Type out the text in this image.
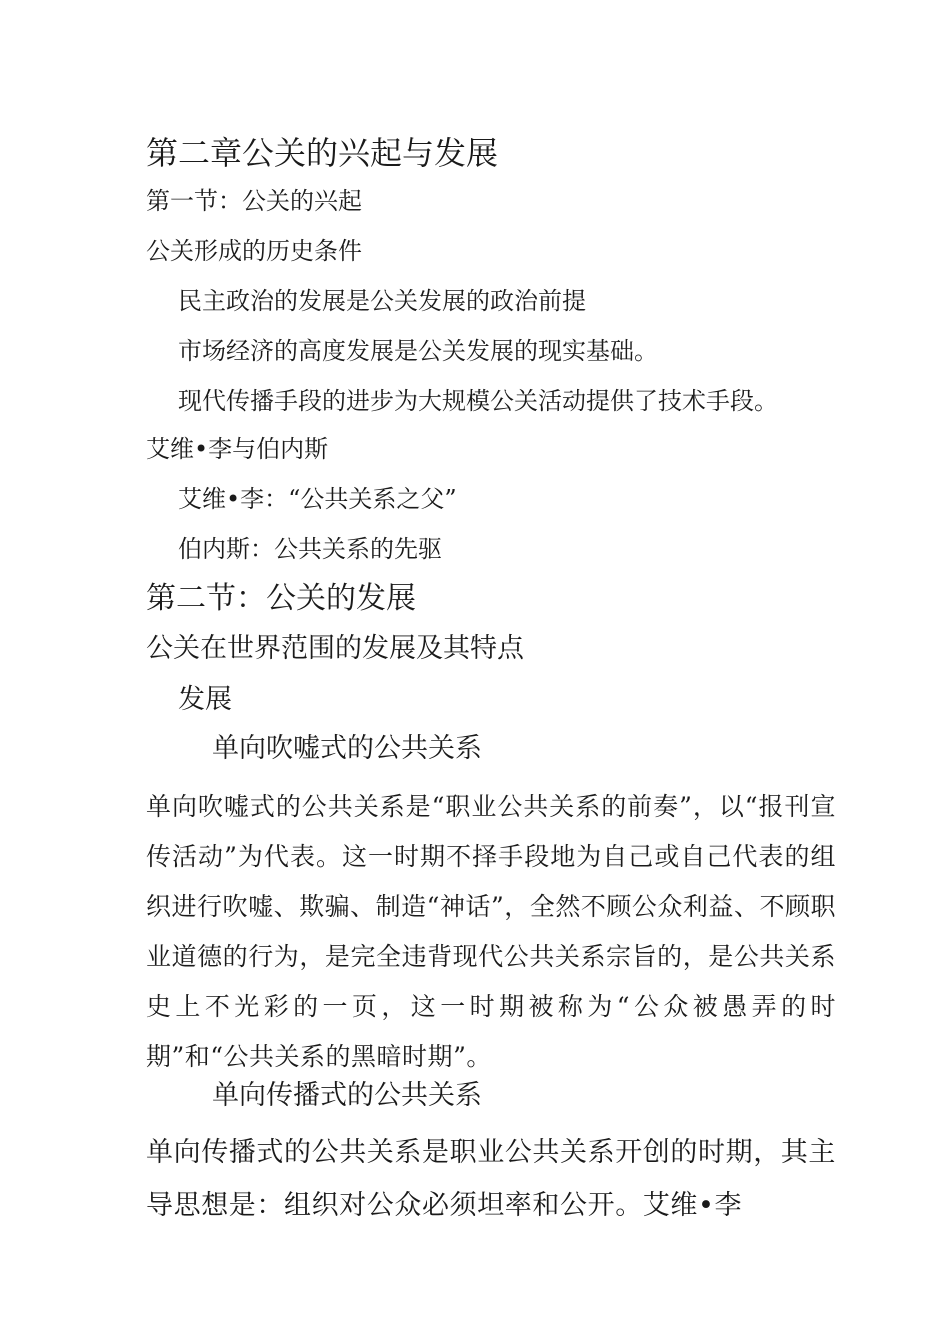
第二章公关的兴起与发展
第一节：公关的兴起
公关形成的历史条件
民主政治的发展是公关发展的政治前提
市场经济的高度发展是公关发展的现实基础。
现代传播手段的进步为大规模公关活动提供了技术手段。
艾维•李与伯内斯
艾维•李：“公共关系之父”
伯内斯：公共关系的先驱
第二节：公关的发展
公关在世界范围的发展及其特点
发展
单向吹嘘式的公共关系
单向吹嘘式的公共关系是“职业公共关系的前奏”，以“报刊宣传活动”为代表。这一时期不择手段地为自己或自己代表的组织进行吹嘘、欺骗、制造“神话”，全然不顾公众利益、不顾职业道德的行为，是完全违背现代公共关系宗旨的，是公共关系史上不光彩的一页，这一时期被称为“公众被愚弄的时期”和“公共关系的黑暗时期”。
单向传播式的公共关系
单向传播式的公共关系是职业公共关系开创的时期，其主导思想是：组织对公众必须坦率和公开。艾维•李
